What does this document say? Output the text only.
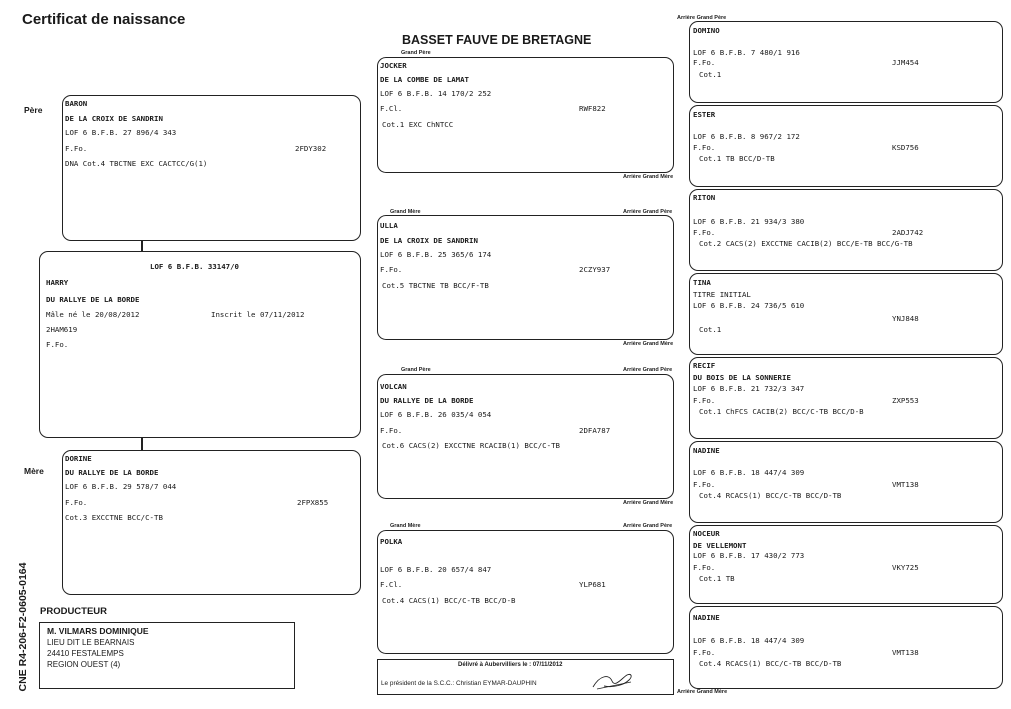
Certificat de naissance
BASSET FAUVE DE BRETAGNE
Père
Mère
CNE R4-206-F2-0605-0164
BARON
DE LA CROIX DE SANDRIN
LOF 6 B.F.B. 27 896/4 343
F.Fo.	2FDY302
DNA Cot.4 TBCTNE EXC CACTCC/G(1)
LOF 6 B.F.B. 33147/0
HARRY
DU RALLYE DE LA BORDE
Mâle né le 20/08/2012	Inscrit le 07/11/2012
2HAM619
F.Fo.
DORINE
DU RALLYE DE LA BORDE
LOF 6 B.F.B. 29 578/7 044
F.Fo.	2FPX855
Cot.3 EXCCTNE BCC/C-TB
Grand Père
Arrière Grand Mère
Grand Mère	Arrière Grand Père
Arrière Grand Mère
Grand Père	Arrière Grand Père
Arrière Grand Mère
Grand Mère	Arrière Grand Père
Arrière Grand Père
Arrière Grand Mère
JOCKER
DE LA COMBE DE LAMAT
LOF 6 B.F.B. 14 170/2 252
F.Cl.	RWF822
Cot.1 EXC ChNTCC
ULLA
DE LA CROIX DE SANDRIN
LOF 6 B.F.B. 25 365/6 174
F.Fo.	2CZY937
Cot.5 TBCTNE TB BCC/F-TB
VOLCAN
DU RALLYE DE LA BORDE
LOF 6 B.F.B. 26 035/4 054
F.Fo.	2DFA787
Cot.6 CACS(2) EXCCTNE RCACIB(1) BCC/C-TB
POLKA
LOF 6 B.F.B. 20 657/4 847
F.Cl.	YLP681
Cot.4 CACS(1) BCC/C-TB BCC/D-B
DOMINO
LOF 6 B.F.B. 7 480/1 916
F.Fo.	JJM454
Cot.1
ESTER
LOF 6 B.F.B. 8 967/2 172
F.Fo.	KSD756
Cot.1 TB BCC/D-TB
RITON
LOF 6 B.F.B. 21 934/3 380
F.Fo.	2ADJ742
Cot.2 CACS(2) EXCCTNE CACIB(2) BCC/E-TB BCC/G-TB
TINA
TITRE INITIAL
LOF 6 B.F.B. 24 736/5 610
YNJ848
Cot.1
RECIF
DU BOIS DE LA SONNERIE
LOF 6 B.F.B. 21 732/3 347
F.Fo.	ZXP553
Cot.1 ChFCS CACIB(2) BCC/C-TB BCC/D-B
NADINE
LOF 6 B.F.B. 18 447/4 309
F.Fo.	VMT138
Cot.4 RCACS(1) BCC/C-TB BCC/D-TB
NOCEUR
DE VELLEMONT
LOF 6 B.F.B. 17 430/2 773
F.Fo.	VKY725
Cot.1 TB
NADINE
LOF 6 B.F.B. 18 447/4 309
F.Fo.	VMT138
Cot.4 RCACS(1) BCC/C-TB BCC/D-TB
PRODUCTEUR
M. VILMARS DOMINIQUE
LIEU DIT LE BEARNAIS
24410 FESTALEMPS
REGION OUEST (4)	Délivré à Aubervilliers le : 07/11/2012
Le président de la S.C.C.: Christian EYMAR-DAUPHIN
